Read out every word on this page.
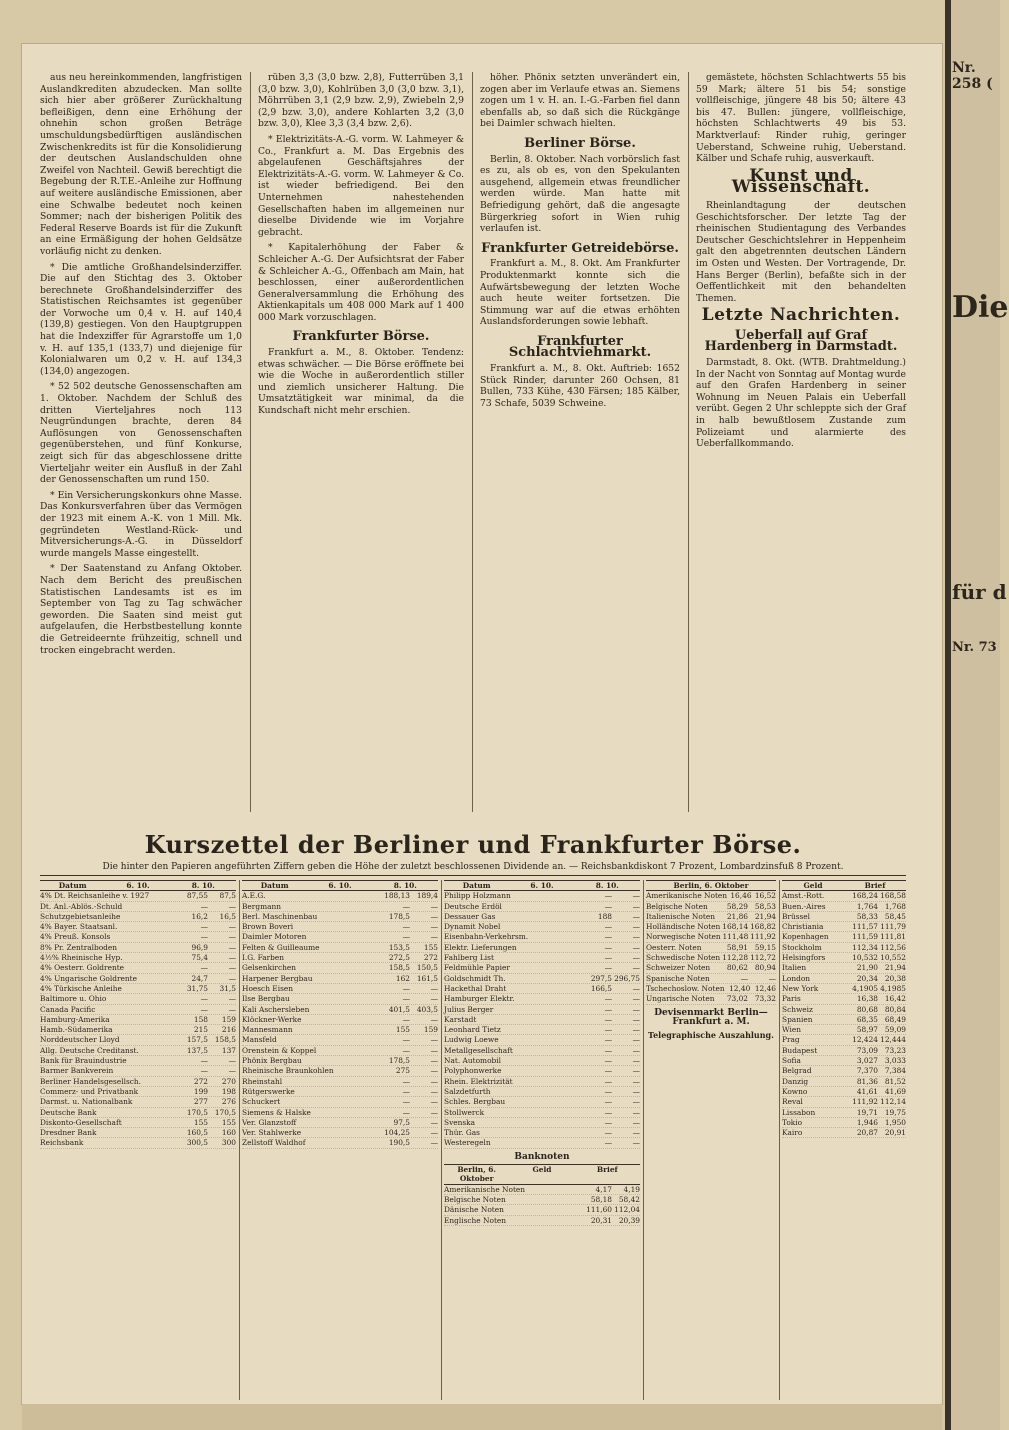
Nr. 258 (
Die
für d
Nr. 73

aus neu hereinkommenden, langfristigen Auslandkrediten abzudecken. Man sollte sich hier aber größerer Zurückhaltung befleißigen, denn eine Erhöhung der ohnehin schon großen Beträge umschuldungsbedürftigen ausländischen Zwischenkredits ist für die Konsolidierung der deutschen Auslandschulden ohne Zweifel von Nachteil. Gewiß berechtigt die Begebung der R.T.E.-Anleihe zur Hoffnung auf weitere ausländische Emissionen, aber eine Schwalbe bedeutet noch keinen Sommer; nach der bisherigen Politik des Federal Reserve Boards ist für die Zukunft an eine Ermäßigung der hohen Geldsätze vorläufig nicht zu denken.

* Die amtliche Großhandelsinderziffer. Die auf den Stichtag des 3. Oktober berechnete Großhandelsinderziffer des Statistischen Reichsamtes ist gegenüber der Vorwoche um 0,4 v. H. auf 140,4 (139,8) gestiegen. Von den Hauptgruppen hat die Indexziffer für Agrarstoffe um 1,0 v. H. auf 135,1 (133,7) und diejenige für Kolonialwaren um 0,2 v. H. auf 134,3 (134,0) angezogen.

* 52 502 deutsche Genossenschaften am 1. Oktober. Nachdem der Schluß des dritten Vierteljahres noch 113 Neugründungen brachte, deren 84 Auflösungen von Genossenschaften gegenüberstehen, und fünf Konkurse, zeigt sich für das abgeschlossene dritte Vierteljahr weiter ein Ausfluß in der Zahl der Genossenschaften um rund 150.

* Ein Versicherungskonkurs ohne Masse. Das Konkursverfahren über das Vermögen der 1923 mit einem A.-K. von 1 Mill. Mk. gegründeten Westland-Rück- und Mitversicherungs-A.-G. in Düsseldorf wurde mangels Masse eingestellt.

* Der Saatenstand zu Anfang Oktober. Nach dem Bericht des preußischen Statistischen Landesamts ist es im September von Tag zu Tag schwächer geworden. Die Saaten sind meist gut aufgelaufen, die Herbstbestellung konnte die Getreideernte frühzeitig, schnell und trocken eingebracht werden.

rüben 3,3 (3,0 bzw. 2,8), Futterrüben 3,1 (3,0 bzw. 3,0), Kohlrüben 3,0 (3,0 bzw. 3,1), Möhrrüben 3,1 (2,9 bzw. 2,9), Zwiebeln 2,9 (2,9 bzw. 3,0), andere Kohlarten 3,2 (3,0 bzw. 3,0), Klee 3,3 (3,4 bzw. 2,6).

* Elektrizitäts-A.-G. vorm. W. Lahmeyer & Co., Frankfurt a. M. Das Ergebnis des abgelaufenen Geschäftsjahres der Elektrizitäts-A.-G. vorm. W. Lahmeyer & Co. ist wieder befriedigend. Bei den Unternehmen nahestehenden Gesellschaften haben im allgemeinen nur dieselbe Dividende wie im Vorjahre gebracht.

* Kapitalerhöhung der Faber & Schleicher A.-G. Der Aufsichtsrat der Faber & Schleicher A.-G., Offenbach am Main, hat beschlossen, einer außerordentlichen Generalversammlung die Erhöhung des Aktienkapitals um 408 000 Mark auf 1 400 000 Mark vorzuschlagen.

Frankfurter Börse.

Frankfurt a. M., 8. Oktober. Tendenz: etwas schwächer. — Die Börse eröffnete bei wie die Woche in außerordentlich stiller und ziemlich unsicherer Haltung. Die Umsatztätigkeit war minimal, da die Kundschaft nicht mehr erschien.

höher. Phönix setzten unverändert ein, zogen aber im Verlaufe etwas an. Siemens zogen um 1 v. H. an. I.-G.-Farben fiel dann ebenfalls ab, so daß sich die Rückgänge bei Daimler schwach hielten.

Berliner Börse.

Berlin, 8. Oktober. Nach vorbörslich fast es zu, als ob es, von den Spekulanten ausgehend, allgemein etwas freundlicher werden würde. Man hatte mit Befriedigung gehört, daß die angesagte Bürgerkrieg sofort in Wien ruhig verlaufen ist.

Frankfurter Getreidebörse.

Frankfurt a. M., 8. Okt. Am Frankfurter Produktenmarkt konnte sich die Aufwärtsbewegung der letzten Woche auch heute weiter fortsetzen. Die Stimmung war auf die etwas erhöhten Auslandsforderungen sowie lebhaft.

Frankfurter Schlachtviehmarkt.

Frankfurt a. M., 8. Okt. Auftrieb: 1652 Stück Rinder, darunter 260 Ochsen, 81 Bullen, 733 Kühe, 430 Färsen; 185 Kälber, 73 Schafe, 5039 Schweine.

gemästete, höchsten Schlachtwerts 55 bis 59 Mark; ältere 51 bis 54; sonstige vollfleischige, jüngere 48 bis 50; ältere 43 bis 47. Bullen: jüngere, vollfleischige, höchsten Schlachtwerts 49 bis 53. Marktverlauf: Rinder ruhig, geringer Ueberstand, Schweine ruhig, Ueberstand. Kälber und Schafe ruhig, ausverkauft.

Kunst und Wissenschaft.

Rheinlandtagung der deutschen Geschichtsforscher. Der letzte Tag der rheinischen Studientagung des Verbandes Deutscher Geschichtslehrer in Heppenheim galt den abgetrennten deutschen Ländern im Osten und Westen. Der Vortragende, Dr. Hans Berger (Berlin), befaßte sich in der Oeffentlichkeit mit den behandelten Themen.

Letzte Nachrichten.
Ueberfall auf Graf Hardenberg in Darmstadt.

Darmstadt, 8. Okt. (WTB. Drahtmeldung.) In der Nacht von Sonntag auf Montag wurde auf den Grafen Hardenberg in seiner Wohnung im Neuen Palais ein Ueberfall verübt. Gegen 2 Uhr schleppte sich der Graf in halb bewußtlosem Zustande zum Polizeiamt und alarmierte des Ueberfallkommando.

Kurszettel der Berliner und Frankfurter Börse.
Die hinter den Papieren angeführten Ziffern geben die Höhe der zuletzt beschlossenen Dividende an. — Reichsbankdiskont 7 Prozent, Lombardzinsfuß 8 Prozent.
Datum	6. 10.	8. 10.
4% Dt. Reichsanleihe v. 1927	87,55	87,5
Dt. Anl.-Ablös.-Schuld	—	—
Schutzgebietsanleihe	16,2	16,5
4% Bayer. Staatsanl.	—	—
4% Preuß. Konsols	—	—
8% Pr. Zentralboden	96,9	—
4½% Rheinische Hyp.	75,4	—
4% Oesterr. Goldrente	—	—
4% Ungarische Goldrente	24,7	—
4% Türkische Anleihe	31,75	31,5
Baltimore u. Ohio	—	—
Canada Pacific	—	—
Hamburg-Amerika	158	159
Hamb.-Südamerika	215	216
Norddeutscher Lloyd	157,5 158,5
Allg. Deutsche Creditanst.	137,5	137
Bank für Brauindustrie	—	—
Barmer Bankverein	—	—
Berliner Handelsgesellsch.	272	270
Commerz- und Privatbank	199	198
Darmst. u. Nationalbank	277	276
Deutsche Bank	170,5 170,5
Diskonto-Gesellschaft	155	155
Dresdner Bank	160,5	160
Reichsbank	300,5	300
Datum	6. 10.	8. 10.
A.E.G.	188,13 189,4
Bergmann	—	—
Berl. Maschinenbau	178,5	—
Brown Boveri	—	—
Daimler Motoren	—	—
Felten & Guilleaume	153,5	155
I.G. Farben	272,5	272
Gelsenkirchen	158,5 150,5
Harpener Bergbau	162 161,5
Hoesch Eisen	—	—
Ilse Bergbau	—	—
Kali Aschersleben	401,5 403,5
Klöckner-Werke	—	—
Mannesmann	155	159
Mansfeld	—	—
Orenstein & Koppel	—	—
Phönix Bergbau	178,5	—
Rheinische Braunkohlen	275	—
Rheinstahl	—	—
Rütgerswerke	—	—
Schuckert	—	—
Siemens & Halske	—	—
Ver. Glanzstoff	97,5	—
Ver. Stahlwerke	104,25	—
Zellstoff Waldhof	190,5	—
Datum	6. 10.	8. 10.
Philipp Holzmann	—	—
Deutsche Erdöl	—	—
Dessauer Gas	188	—
Dynamit Nobel	—	—
Eisenbahn-Verkehrsm.	—	—
Elektr. Lieferungen	—	—
Fahlberg List	—	—
Feldmühle Papier	—	—
Goldschmidt Th.	297,5 296,75
Hackethal Draht	166,5	—
Hamburger Elektr.	—	—
Julius Berger	—	—
Karstadt	—	—
Leonhard Tietz	—	—
Ludwig Loewe	—	—
Metallgesellschaft	—	—
Nat. Automobil	—	—
Polyphonwerke	—	—
Rhein. Elektrizität	—	—
Salzdetfurth	—	—
Schles. Bergbau	—	—
Stollwerck	—	—
Svenska	—	—
Thür. Gas	—	—
Westeregeln	—	—
Banknoten
Berlin, 6. Oktober
Geld	Brief
Amerikanische Noten	4,17	4,19
Belgische Noten	58,18 58,42
Dänische Noten	111,60 112,04
Englische Noten	20,31 20,39
Berlin, 6. Oktober
Amerikanische Noten 16,46 16,52
Belgische Noten	58,29 58,53
Italienische Noten	21,86 21,94
Holländische Noten 168,14 168,82
Norwegische Noten 111,48 111,92
Oesterr. Noten	58,91 59,15
Schwedische Noten 112,28 112,72
Schweizer Noten	80,62 80,94
Spanische Noten	—	—
Tschechoslow. Noten 12,40 12,46
Ungarische Noten	73,02 73,32
Devisenmarkt Berlin—Frankfurt a. M.
Telegraphische Auszahlung.
Geld	Brief
Amst.-Rott.	168,24 168,58
Buen.-Aires	1,764 1,768
Brüssel	58,33 58,45
Christiania	111,57 111,79
Kopenhagen	111,59 111,81
Stockholm	112,34 112,56
Helsingfors	10,532 10,552
Italien	21,90 21,94
London	20,34 20,38
New York	4,1905 4,1985
Paris	16,38 16,42
Schweiz	80,68 80,84
Spanien	68,35 68,49
Wien	58,97 59,09
Prag	12,424 12,444
Budapest	73,09 73,23
Sofia	3,027 3,033
Belgrad	7,370 7,384
Danzig	81,36 81,52
Kowno	41,61 41,69
Reval	111,92 112,14
Lissabon	19,71 19,75
Tokio	1,946 1,950
Kairo	20,87 20,91
